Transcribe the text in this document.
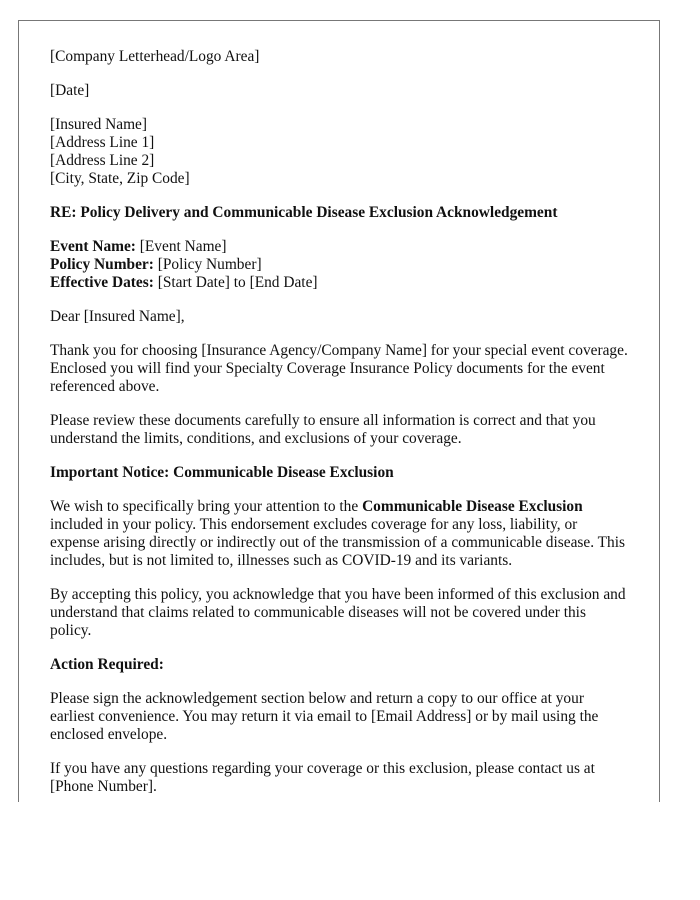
[Company Letterhead/Logo Area]

[Date]

[Insured Name]
[Address Line 1]
[Address Line 2]
[City, State, Zip Code]

RE: Policy Delivery and Communicable Disease Exclusion Acknowledgement

Event Name: [Event Name]
Policy Number: [Policy Number]
Effective Dates: [Start Date] to [End Date]

Dear [Insured Name],

Thank you for choosing [Insurance Agency/Company Name] for your special event coverage. Enclosed you will find your Specialty Coverage Insurance Policy documents for the event referenced above.

Please review these documents carefully to ensure all information is correct and that you understand the limits, conditions, and exclusions of your coverage.

Important Notice: Communicable Disease Exclusion

We wish to specifically bring your attention to the Communicable Disease Exclusion included in your policy. This endorsement excludes coverage for any loss, liability, or expense arising directly or indirectly out of the transmission of a communicable disease. This includes, but is not limited to, illnesses such as COVID-19 and its variants.

By accepting this policy, you acknowledge that you have been informed of this exclusion and understand that claims related to communicable diseases will not be covered under this policy.

Action Required:

Please sign the acknowledgement section below and return a copy to our office at your earliest convenience. You may return it via email to [Email Address] or by mail using the enclosed envelope.

If you have any questions regarding your coverage or this exclusion, please contact us at [Phone Number].
